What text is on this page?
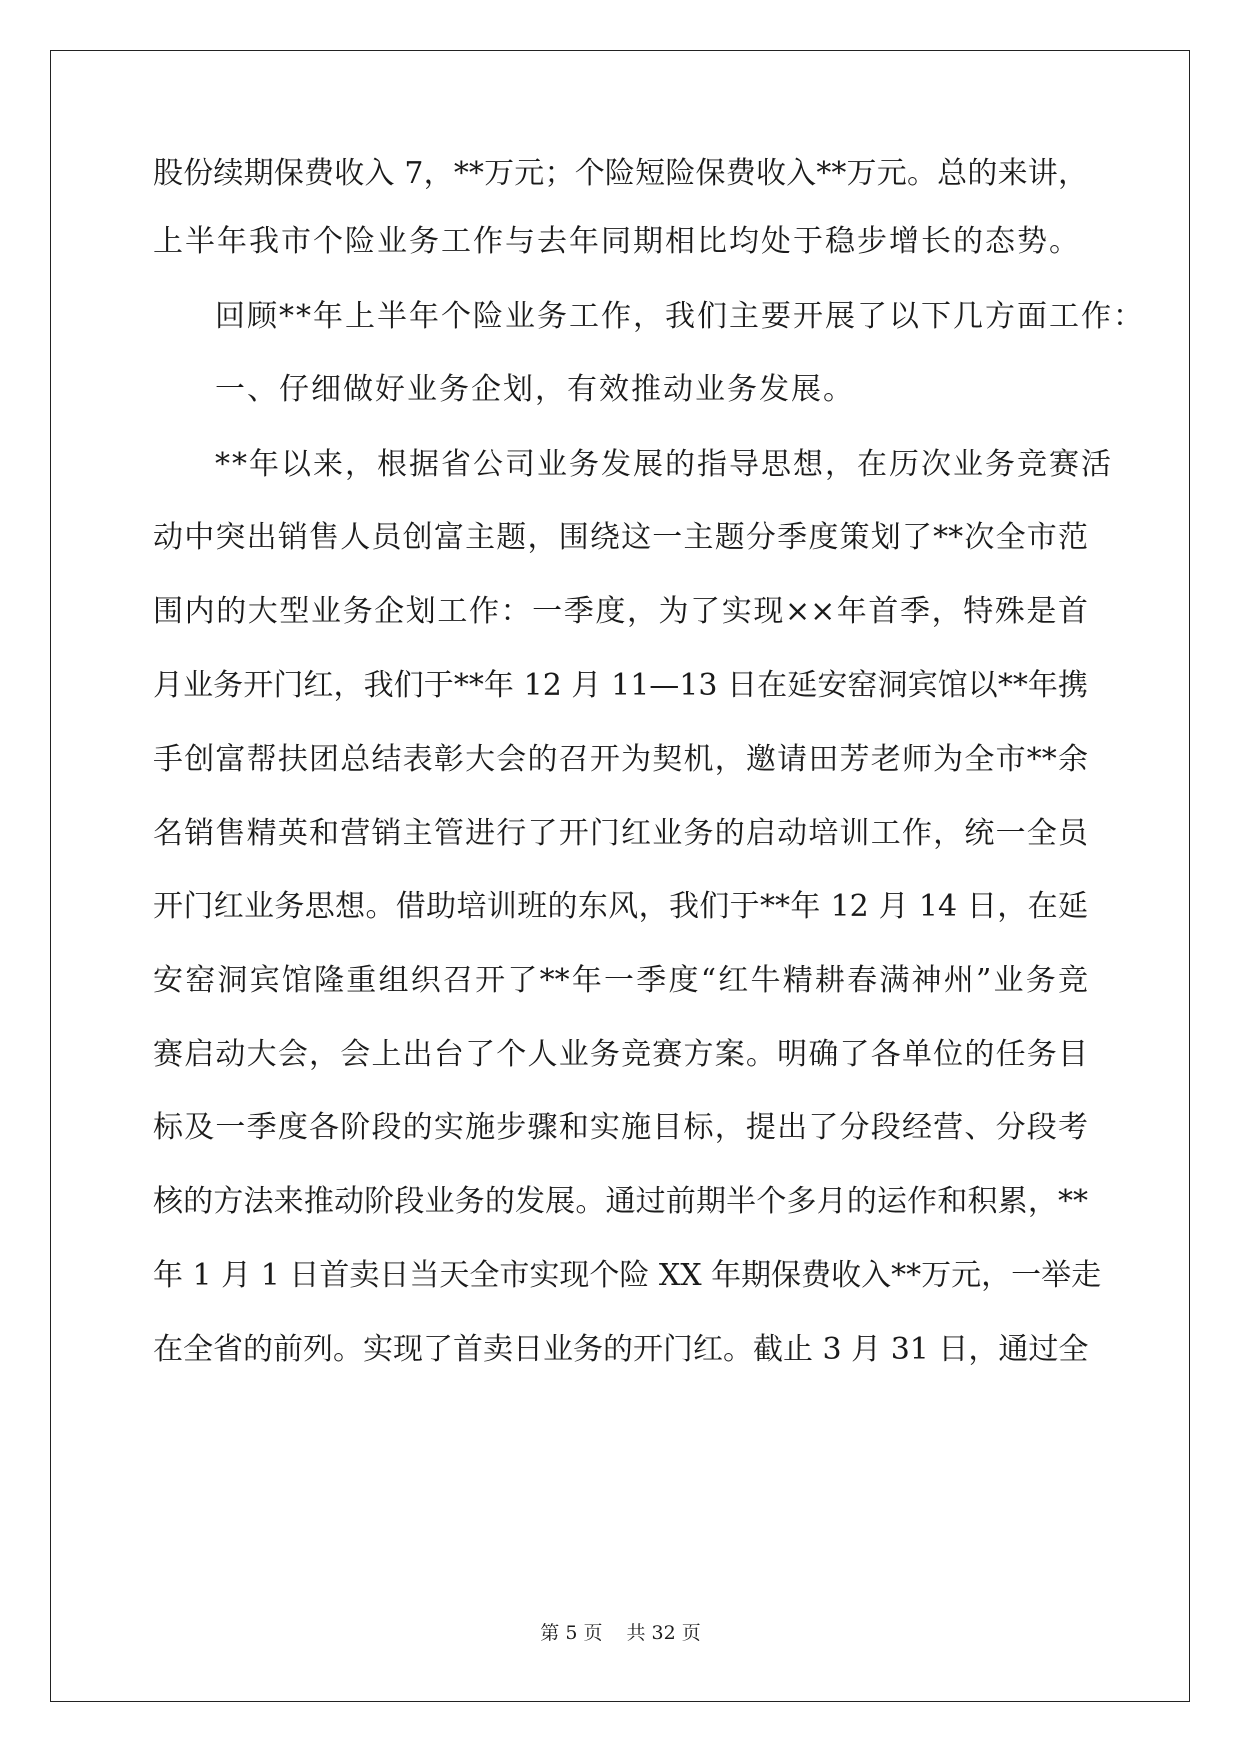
股份续期保费收入 7，**万元；个险短险保费收入**万元。总的来讲，
上半年我市个险业务工作与去年同期相比均处于稳步增长的态势。
回顾**年上半年个险业务工作，我们主要开展了以下几方面工作：
一、仔细做好业务企划，有效推动业务发展。
**年以来，根据省公司业务发展的指导思想，在历次业务竞赛活
动中突出销售人员创富主题，围绕这一主题分季度策划了**次全市范
围内的大型业务企划工作：一季度，为了实现××年首季，特殊是首
月业务开门红，我们于**年 12 月 11—13 日在延安窑洞宾馆以**年携
手创富帮扶团总结表彰大会的召开为契机，邀请田芳老师为全市**余
名销售精英和营销主管进行了开门红业务的启动培训工作，统一全员
开门红业务思想。借助培训班的东风，我们于**年 12 月 14 日，在延
安窑洞宾馆隆重组织召开了**年一季度“红牛精耕春满神州”业务竞
赛启动大会，会上出台了个人业务竞赛方案。明确了各单位的任务目
标及一季度各阶段的实施步骤和实施目标，提出了分段经营、分段考
核的方法来推动阶段业务的发展。通过前期半个多月的运作和积累，**
年 1 月 1 日首卖日当天全市实现个险 XX 年期保费收入**万元，一举走
在全省的前列。实现了首卖日业务的开门红。截止 3 月 31 日，通过全
第 5 页 共 32 页
